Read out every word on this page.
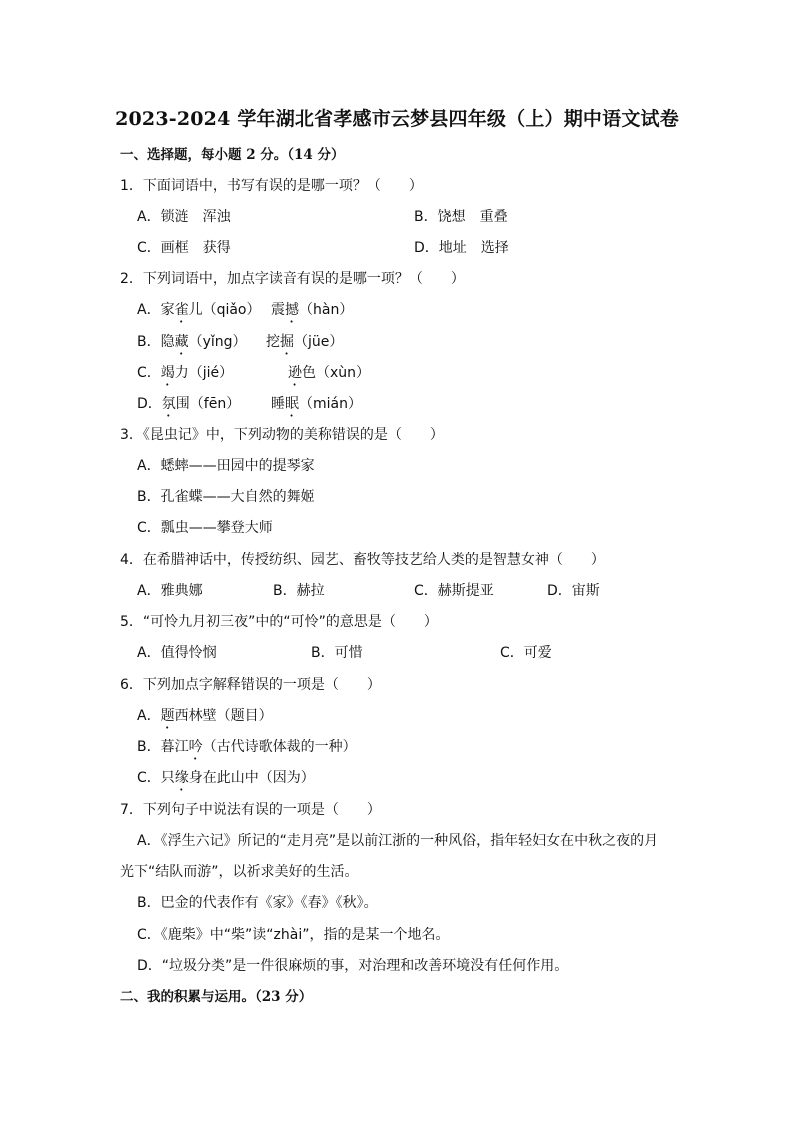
2023-2024 学年湖北省孝感市云梦县四年级（上）期中语文试卷
一、选择题，每小题 2 分。（14 分）
1．下面词语中，书写有误的是哪一项？（　　）
A．锁涟　浑浊	B．饶想　重叠
C．画框　获得	D．地址　选择
2．下列词语中，加点字读音有误的是哪一项？（　　）
A．家雀儿（qiǎo） 震撼（hàn）
B．隐藏（yǐng） 挖掘（jüe）
C．竭力（jié）	逊色（xùn）
D．氛围（fēn） 睡眠（mián）
3．《昆虫记》中，下列动物的美称错误的是（　　）
A．蟋蟀——田园中的提琴家
B．孔雀蝶——大自然的舞姬
C．瓢虫——攀登大师
4．在希腊神话中，传授纺织、园艺、畜牧等技艺给人类的是智慧女神（　　）
A．雅典娜	B．赫拉	C．赫斯提亚	D．宙斯
5．“可怜九月初三夜”中的“可怜”的意思是（　　）
A．值得怜悯	B．可惜	C．可爱
6．下列加点字解释错误的一项是（　　）
A．题西林壁（题目）
B．暮江吟（古代诗歌体裁的一种）
C．只缘身在此山中（因为）
7．下列句子中说法有误的一项是（　　）
A．《浮生六记》所记的“走月亮”是以前江浙的一种风俗，指年轻妇女在中秋之夜的月
光下“结队而游”，以祈求美好的生活。
B．巴金的代表作有《家》《春》《秋》。
C．《鹿柴》中“柴”读“zhài”，指的是某一个地名。
D．“垃圾分类”是一件很麻烦的事，对治理和改善环境没有任何作用。
二、我的积累与运用。（23 分）
